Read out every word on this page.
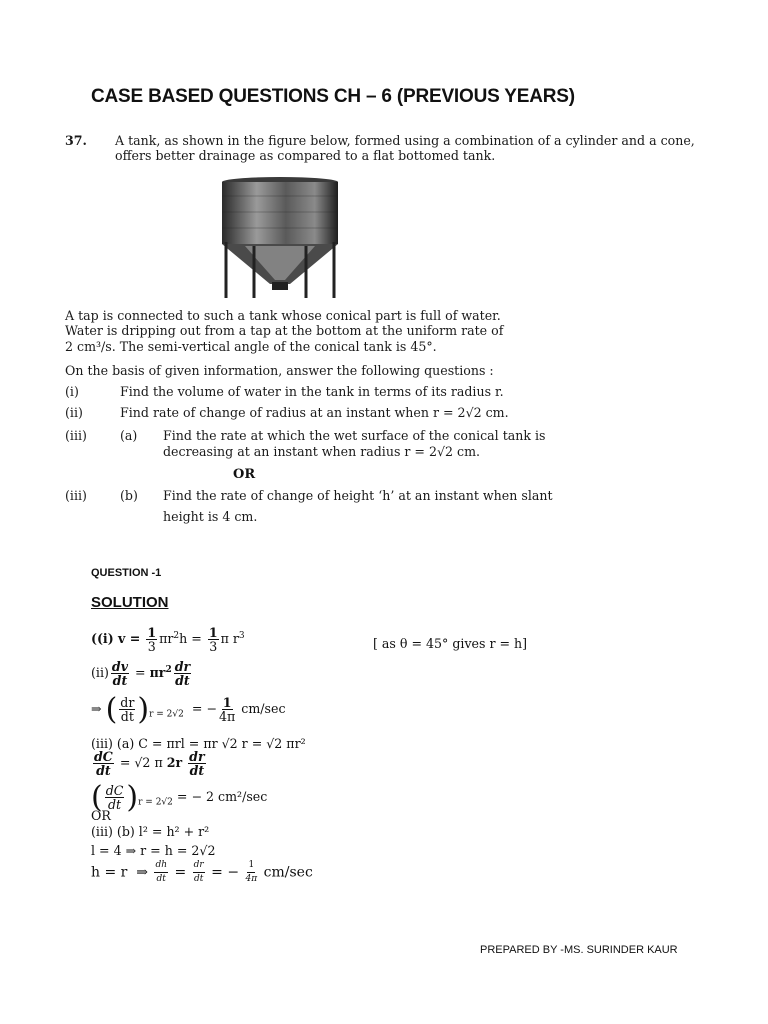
CASE BASED QUESTIONS CH – 6 (PREVIOUS YEARS)
37. A tank, as shown in the figure below, formed using a combination of a cylinder and a cone, offers better drainage as compared to a flat bottomed tank.
A tap is connected to such a tank whose conical part is full of water.
Water is dripping out from a tap at the bottom at the uniform rate of
2 cm³/s. The semi-vertical angle of the conical tank is 45°.
On the basis of given information, answer the following questions :
(i)	Find the volume of water in the tank in terms of its radius r.
(ii)	Find rate of change of radius at an instant when r = 2√2 cm.
(iii)	(a) Find the rate at which the wet surface of the conical tank is
decreasing at an instant when radius r = 2√2 cm.
OR
(iii)	(b) Find the rate of change of height ‘h’ at an instant when slant
height is 4 cm.
QUESTION -1
SOLUTION
((i) $v = \frac{1}{3} \pi r^2h = \frac{1}{3}$ π $r^3$
[ as θ = 45° gives r = h]
$(ii) \frac{dv}{dt} = \pi r^2 \frac{dr}{dt}$
⇒ ( $\frac{dr}{dt} )_{r = 2√2}$  = − $\frac{1}{4\pi} cm/\sec$
(iii) (a) C = πrl = πr √2 r = √2 πr²
$\frac{dC}{dt} = √2$ π $2r \frac{dr}{dt}$
( $\frac{dC}{dt} )_{r = 2√2}$ = − 2 cm²/sec
OR
(iii) (b) l² = h² + r²
l = 4 ⇒ r = h = 2√2
h = r  ⇒ $\frac{dh}{dt} = \frac{dr}{dt}$ = − $\frac{1}{4\pi} cm/\sec$
PREPARED BY -MS. SURINDER KAUR
